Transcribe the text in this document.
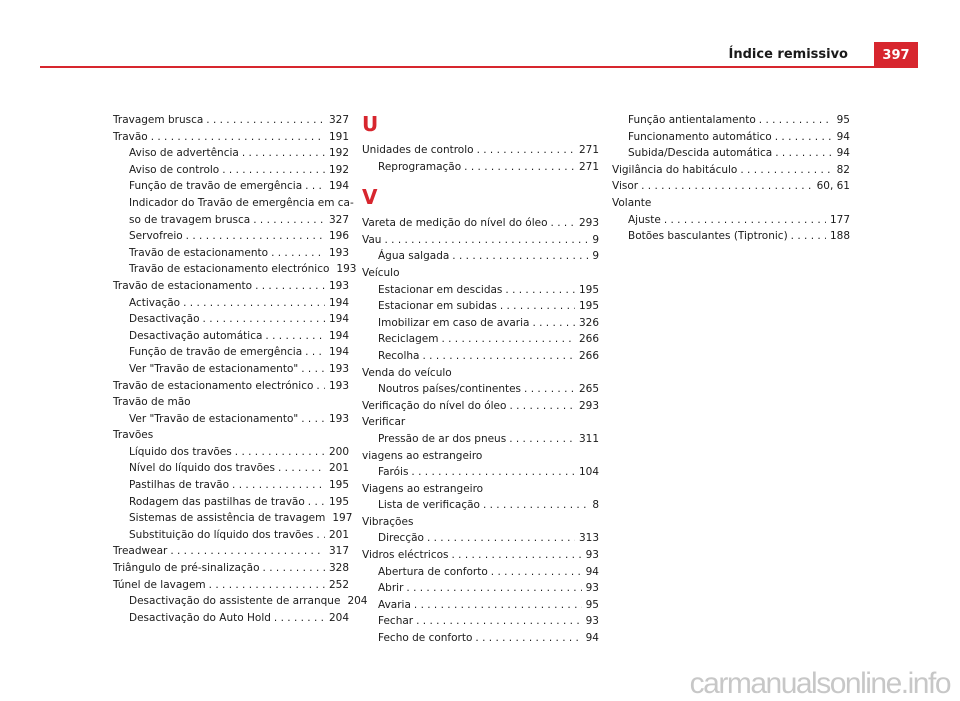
Índice remissivo	397
Travagem brusca . . .	327
Travão . . .	191
Aviso de advertência . . .	192
Aviso de controlo . . .	192
Função de travão de emergência . . .	194
Indicador do Travão de emergência em ca-
so de travagem brusca . . .	327
Servofreio . . .	196
Travão de estacionamento . . .	193
Travão de estacionamento electrónico 193
Travão de estacionamento . . .	193
Activação . . .	194
Desactivação . . .	194
Desactivação automática . . .	194
Função de travão de emergência . . .	194
Ver "Travão de estacionamento" . . .	193
Travão de estacionamento electrónico . . .	193
Travão de mão
Ver "Travão de estacionamento" . . .	193
Travões
Líquido dos travões . . .	200
Nível do líquido dos travões . . .	201
Pastilhas de travão . . .	195
Rodagem das pastilhas de travão . . .	195
Sistemas de assistência de travagem 197
Substituição do líquido dos travões . . .	201
Treadwear . . .	317
Triângulo de pré-sinalização . . .	328
Túnel de lavagem . . .	252
Desactivação do assistente de arranque 204
Desactivação do Auto Hold . . .	204
U
Unidades de controlo . . .	271
Reprogramação . . .	271
V
Vareta de medição do nível do óleo . . .	293
Vau . . .	9
Água salgada . . .	9
Veículo
Estacionar em descidas . . .	195
Estacionar em subidas . . .	195
Imobilizar em caso de avaria . . .	326
Reciclagem . . .	266
Recolha . . .	266
Venda do veículo
Noutros países/continentes . . .	265
Verificação do nível do óleo . . .	293
Verificar
Pressão de ar dos pneus . . .	311
viagens ao estrangeiro
Faróis . . .	104
Viagens ao estrangeiro
Lista de verificação . . .	8
Vibrações
Direcção . . .	313
Vidros eléctricos . . .	93
Abertura de conforto . . .	94
Abrir . . .	93
Avaria . . .	95
Fechar . . .	93
Fecho de conforto . . .	94
Função antientalamento . . .	95
Funcionamento automático . . .	94
Subida/Descida automática . . .	94
Vigilância do habitáculo . . .	82
Visor . . .	60, 61
Volante
Ajuste . . .	177
Botões basculantes (Tiptronic) . . .	188
carmanualsonline.info
